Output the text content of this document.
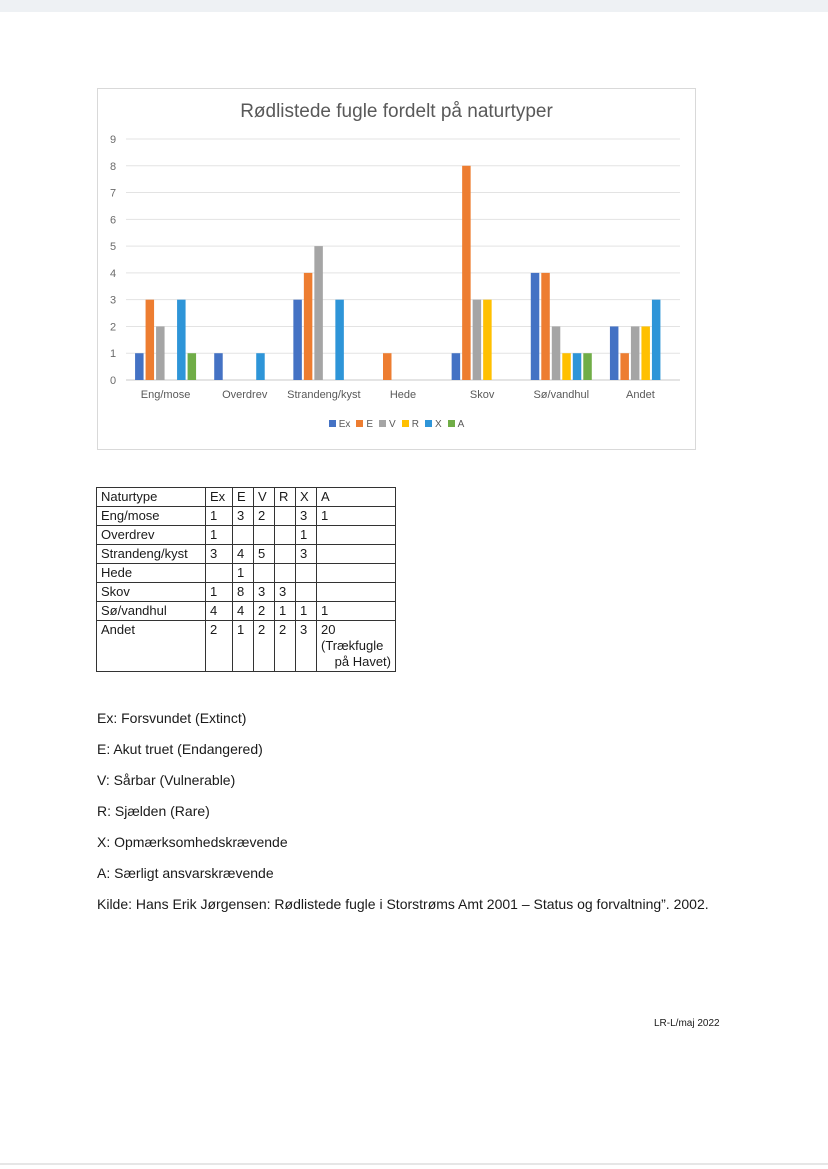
0
1
2
3
4
5
6
7
8
9
Eng/mose	Overdrev Strandeng/kyst	Hede	Skov	Sø/vandhul	Andet
Rødlistede fugle fordelt på naturtyper
Ex E V R X A
Naturtype	Ex	E	V	R	X	A
Eng/mose	1	3	2		3	1
Overdrev	1				1	
Strandeng/kyst	3	4	5		3	
Hede		1				
Skov	1	8	3	3		
Sø/vandhul	4	4	2	1	1	1
Andet	2	1	2	2	3	20
(Trækfugle
på Havet)

Ex: Forsvundet (Extinct)

E: Akut truet (Endangered)

V: Sårbar (Vulnerable)

R: Sjælden (Rare)

X: Opmærksomhedskrævende

A: Særligt ansvarskrævende

Kilde: Hans Erik Jørgensen: Rødlistede fugle i Storstrøms Amt 2001 – Status og forvaltning”. 2002.

LR-L/maj 2022
